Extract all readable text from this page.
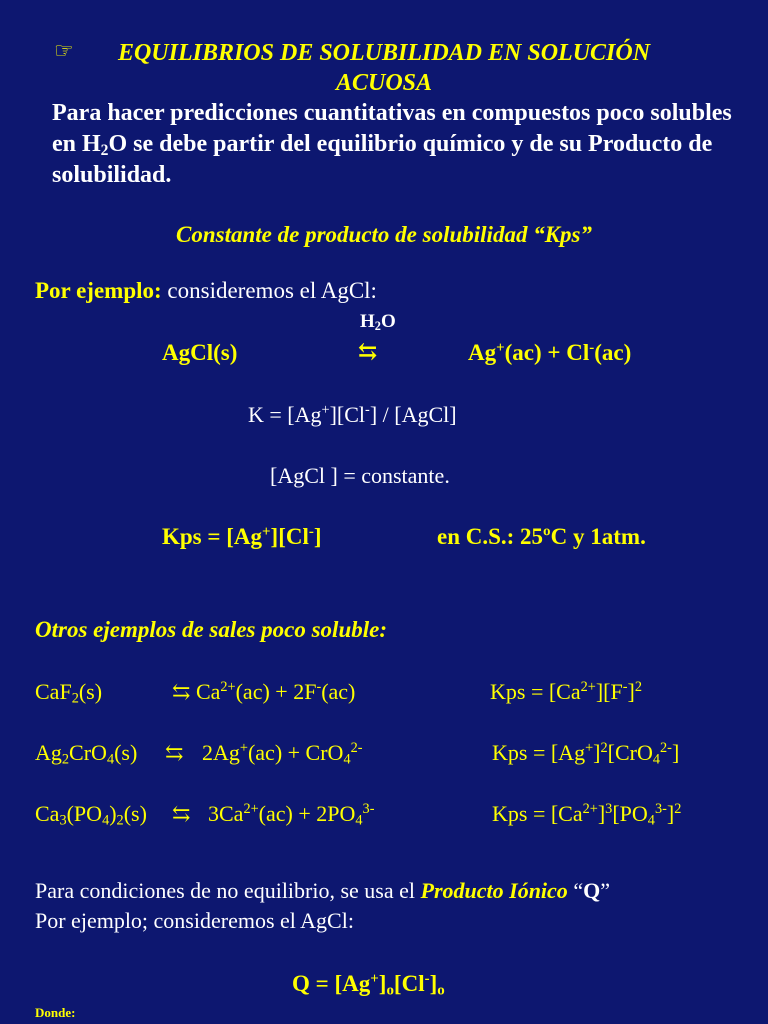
☞	EQUILIBRIOS DE SOLUBILIDAD EN SOLUCIÓN
ACUOSA
Para hacer predicciones cuantitativas en compuestos poco solubles en $H_2O$ se debe partir del equilibrio químico y de su Producto de solubilidad.
Constante de producto de solubilidad “Kps”
Por ejemplo: consideremos el AgCl:
$H_2O$
AgCl(s)	⇆	Ag+(ac) + Cl-(ac)
K = [Ag+][Cl-] / [AgCl]
[AgCl ] = constante.
Kps = [Ag+][Cl-]	en C.S.: 25ºC y 1atm.
Otros ejemplos de sales poco soluble:
CaF$_2$(s)	⇆ $Ca^{2+}(ac) + 2F^-(ac)$	Kps = $[Ca^{2+}][F^-]^2$
$Ag_2CrO_4(s)$ ⇆ 2Ag+(ac) + CrO$_4^{2-}$	Kps = $[Ag^+]^2[CrO_4^{2-}]$
$Ca_3(PO_4)_2(s)$ ⇆ $3Ca^{2+}(ac) + 2PO_4^{3-}$	Kps = $[Ca^{2+}]^3[PO_4^{3-}]^2$
Para condiciones de no equilibrio, se usa el Producto Iónico “Q”
Por ejemplo; consideremos el AgCl:
$Q = [Ag^+]_o[Cl^-]_o$
Donde:
